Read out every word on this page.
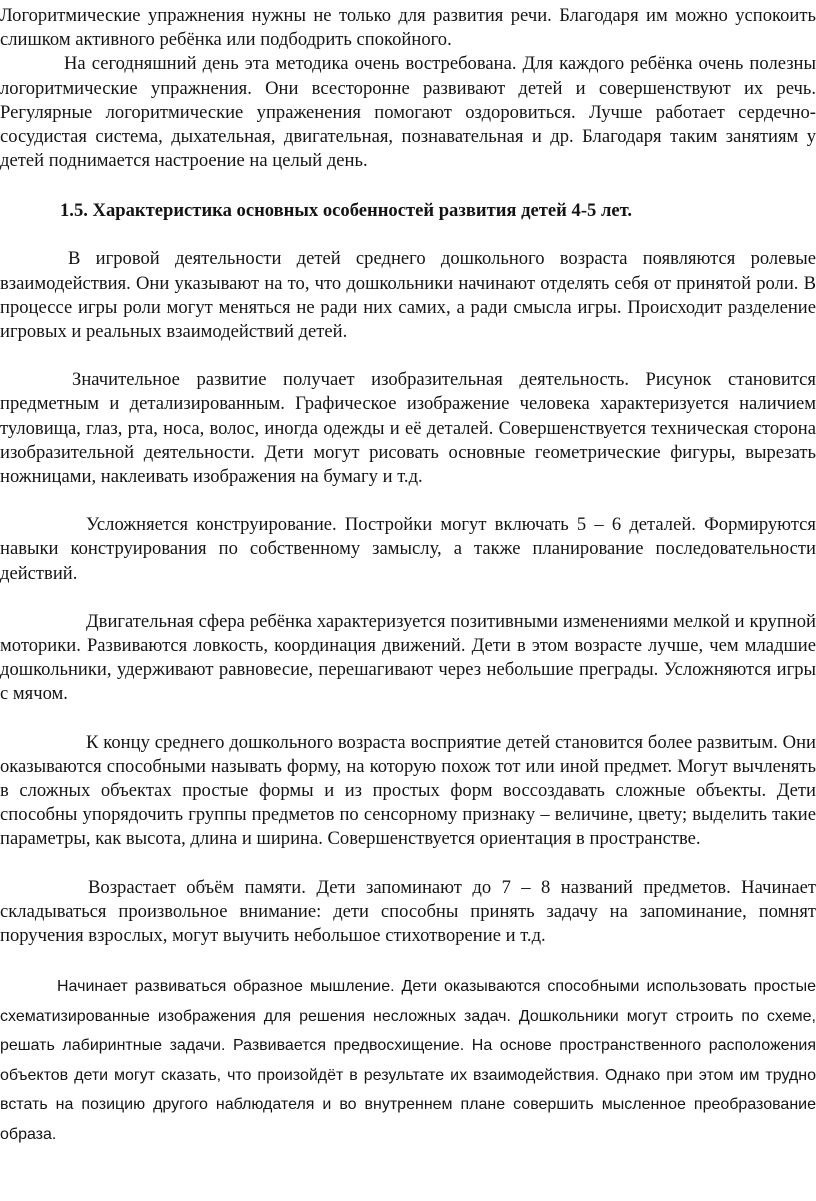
Логоритмические упражнения нужны не только для развития речи. Благодаря им можно успокоить слишком активного ребёнка или подбодрить спокойного.

На сегодняшний день эта методика очень востребована. Для каждого ребёнка очень полезны логоритмические упражнения. Они всесторонне развивают детей и совершенствуют их речь. Регулярные логоритмические упраженения помогают оздоровиться. Лучше работает сердечно-сосудистая система, дыхательная, двигательная, познавательная и др. Благодаря таким занятиям у детей поднимается настроение на целый день.

1.5. Характеристика основных особенностей развития детей 4-5 лет.

В игровой деятельности детей среднего дошкольного возраста появляются ролевые взаимодействия. Они указывают на то, что дошкольники начинают отделять себя от принятой роли. В процессе игры роли могут меняться не ради них самих, а ради смысла игры. Происходит разделение игровых и реальных взаимодействий детей.

Значительное развитие получает изобразительная деятельность. Рисунок становится предметным и детализированным. Графическое изображение человека характеризуется наличием туловища, глаз, рта, носа, волос, иногда одежды и её деталей. Совершенствуется техническая сторона изобразительной деятельности. Дети могут рисовать основные геометрические фигуры, вырезать ножницами, наклеивать изображения на бумагу и т.д.

Усложняется конструирование. Постройки могут включать 5 – 6 деталей. Формируются навыки конструирования по собственному замыслу, а также планирование последовательности действий.

Двигательная сфера ребёнка характеризуется позитивными изменениями мелкой и крупной моторики. Развиваются ловкость, координация движений. Дети в этом возрасте лучше, чем младшие дошкольники, удерживают равновесие, перешагивают через небольшие преграды. Усложняются игры с мячом.

К концу среднего дошкольного возраста восприятие детей становится более развитым. Они оказываются способными называть форму, на которую похож тот или иной предмет. Могут вычленять в сложных объектах простые формы и из простых форм воссоздавать сложные объекты. Дети способны упорядочить группы предметов по сенсорному признаку – величине, цвету; выделить такие параметры, как высота, длина и ширина. Совершенствуется ориентация в пространстве.

Возрастает объём памяти. Дети запоминают до 7 – 8 названий предметов. Начинает складываться произвольное внимание: дети способны принять задачу на запоминание, помнят поручения взрослых, могут выучить небольшое стихотворение и т.д.

Начинает развиваться образное мышление. Дети оказываются способными использовать простые схематизированные изображения для решения несложных задач. Дошкольники могут строить по схеме, решать лабиринтные задачи. Развивается предвосхищение. На основе пространственного расположения объектов дети могут сказать, что произойдёт в результате их взаимодействия. Однако при этом им трудно встать на позицию другого наблюдателя и во внутреннем плане совершить мысленное преобразование образа.
